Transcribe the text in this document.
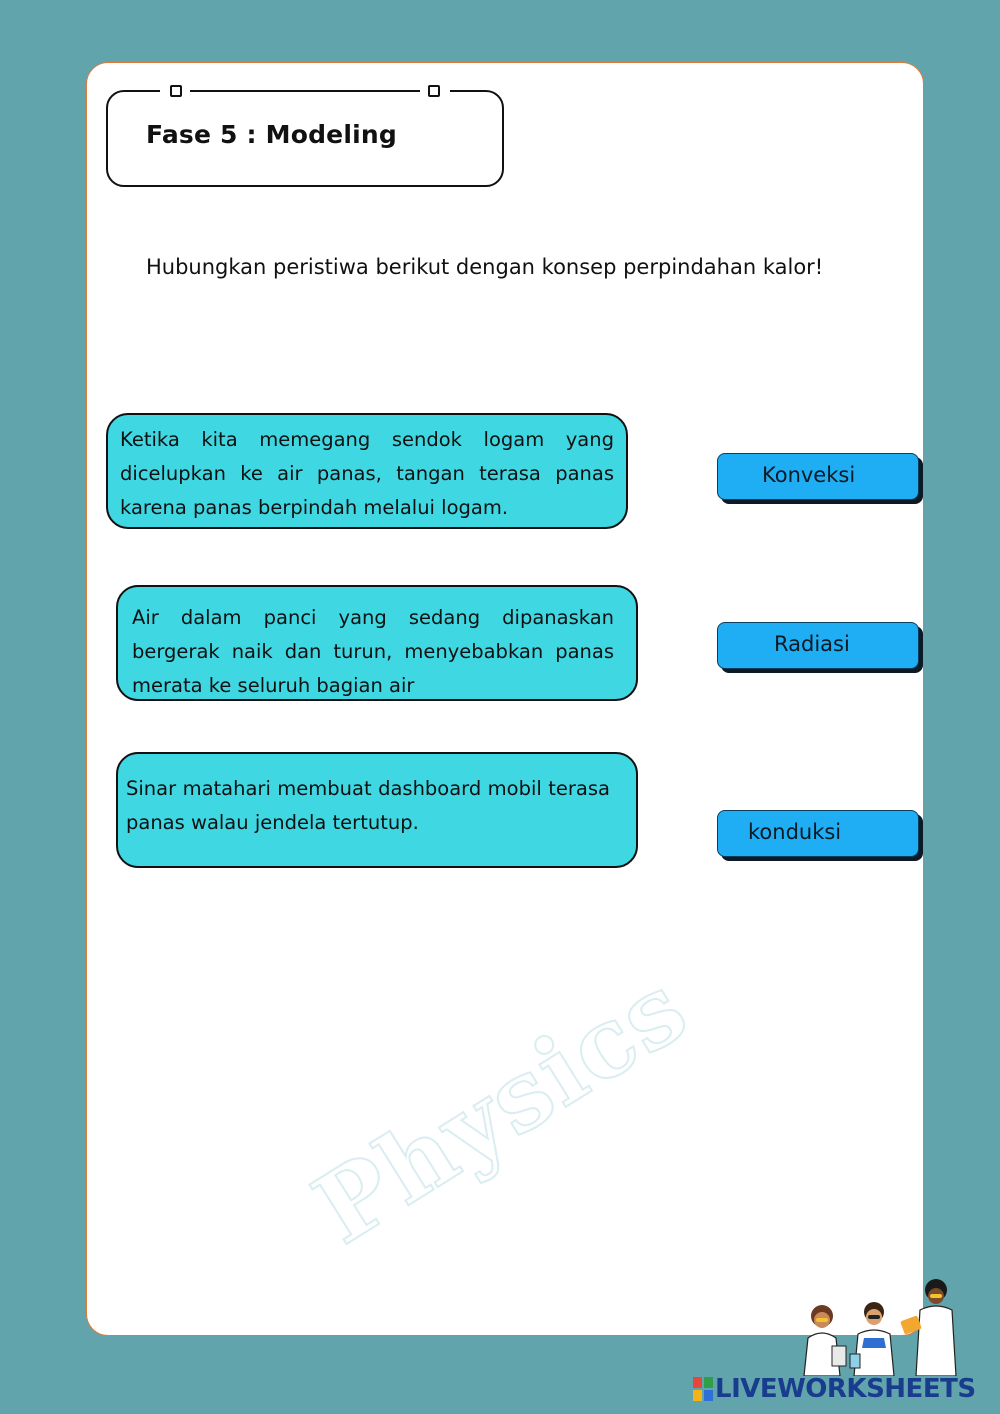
Fase 5 : Modeling
Hubungkan peristiwa berikut dengan konsep perpindahan kalor!
Ketika kita memegang sendok logam yang dicelupkan ke air panas, tangan terasa panas karena panas berpindah melalui logam.
Air dalam panci yang sedang dipanaskan bergerak naik dan turun, menyebabkan panas merata ke seluruh bagian air
Sinar matahari membuat dashboard mobil terasa panas walau jendela tertutup.
Konveksi
Radiasi
konduksi
Physics
LIVEWORKSHEETS
